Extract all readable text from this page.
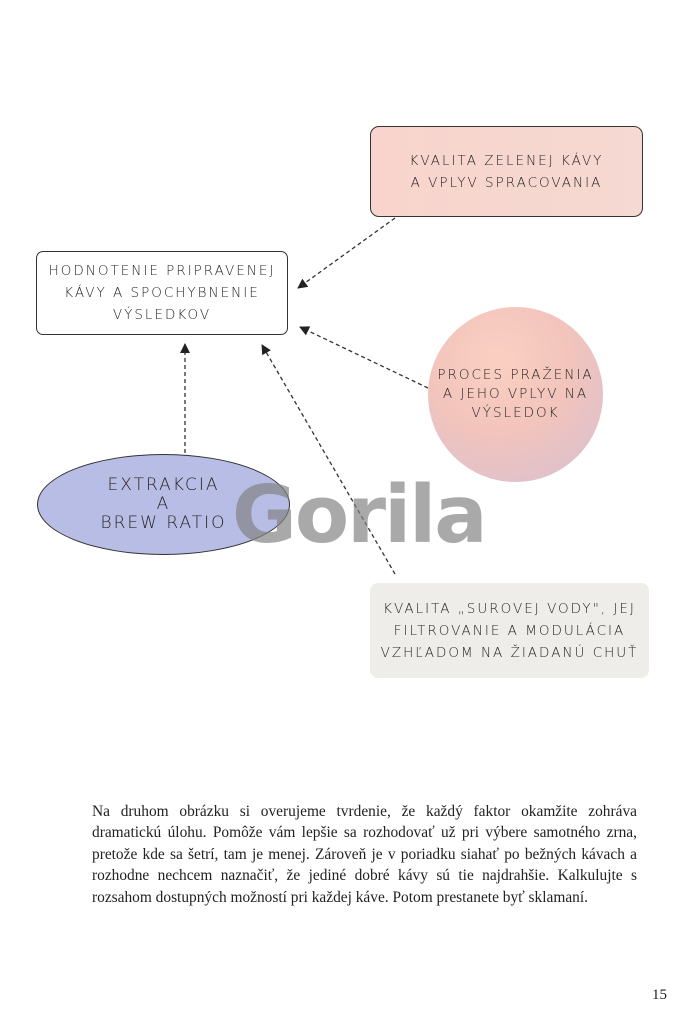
HODNOTENIE PRIPRAVENEJ
KÁVY A SPOCHYBNENIE
VÝSLEDKOV
KVALITA ZELENEJ KÁVY
A VPLYV SPRACOVANIA
PROCES PRAŽENIA
A JEHO VPLYV NA
VÝSLEDOK
EXTRAKCIA
A
BREW RATIO
KVALITA „SUROVEJ VODY", JEJ
FILTROVANIE A MODULÁCIA
VZHĽADOM NA ŽIADANÚ CHUŤ
Gorila

Na druhom obrázku si overujeme tvrdenie, že každý faktor okamžite zohráva dramatickú úlohu. Pomôže vám lepšie sa rozhodovať už pri výbere samotného zrna, pretože kde sa šetrí, tam je menej. Zároveň je v poriadku siahať po bežných kávach a rozhodne nechcem naznačiť, že jediné dobré kávy sú tie najdrahšie. Kalkulujte s rozsahom dostupných možností pri každej káve. Potom prestanete byť sklamaní.

15
